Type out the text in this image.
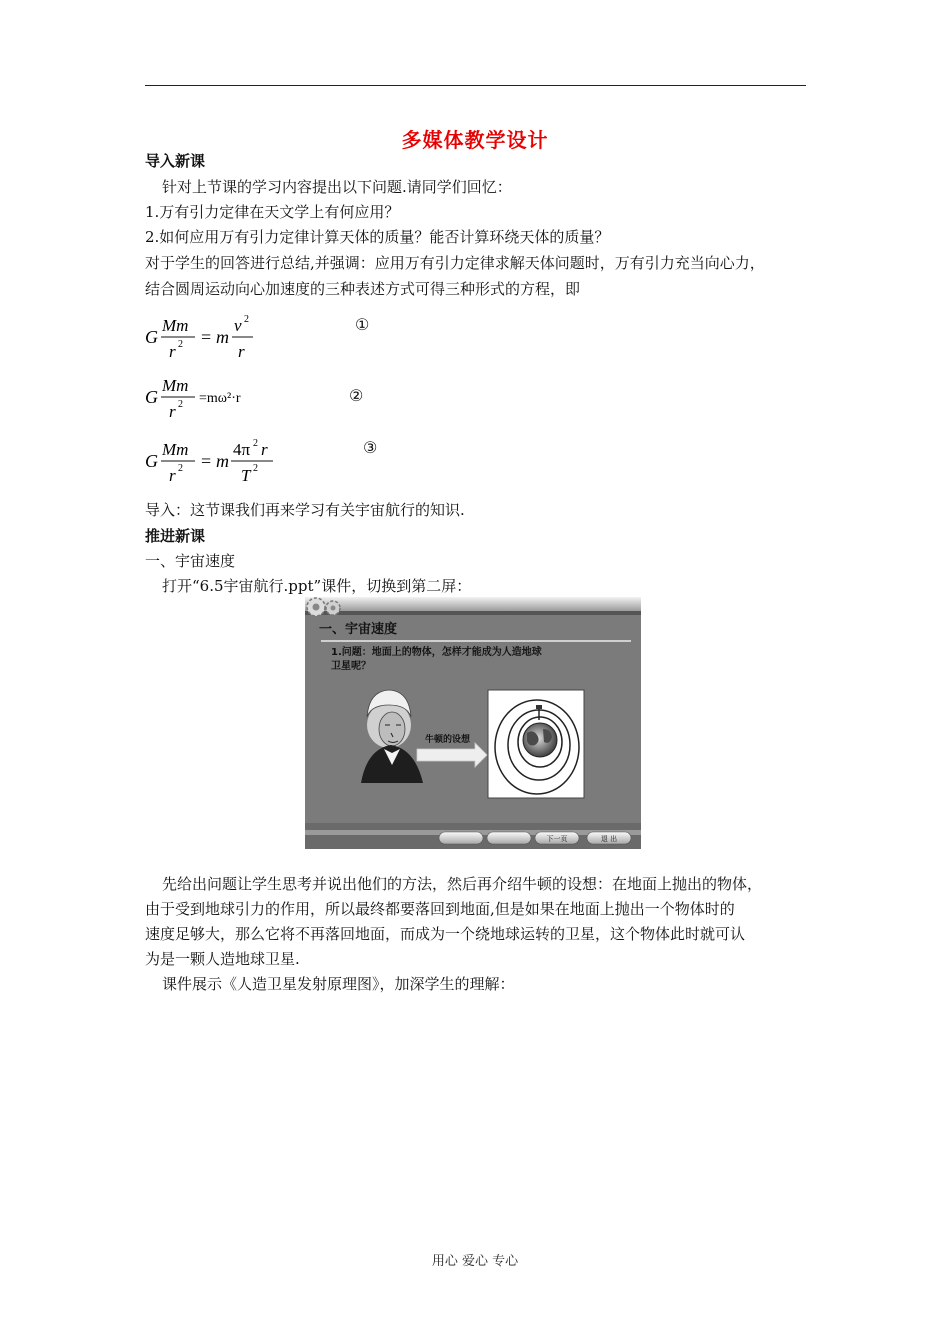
多媒体教学设计
导入新课
针对上节课的学习内容提出以下问题.请同学们回忆：
1.万有引力定律在天文学上有何应用？
2.如何应用万有引力定律计算天体的质量？能否计算环绕天体的质量？
对于学生的回答进行总结,并强调：应用万有引力定律求解天体问题时，万有引力充当向心力，
结合圆周运动向心加速度的三种表述方式可得三种形式的方程，即
G
Mm
r 2 = m
v 2
r
①
G
Mm
r 2 =mω²·r	②
G
Mm
r 2 = m
4π 2 r
T 2
③
导入：这节课我们再来学习有关宇宙航行的知识.
推进新课
一、宇宙速度
打开“6.5宇宙航行.ppt”课件，切换到第二屏：
一、宇宙速度
1.问题：地面上的物体，怎样才能成为人造地球
卫星呢？
牛顿的设想
下一页	退 出
先给出问题让学生思考并说出他们的方法，然后再介绍牛顿的设想：在地面上抛出的物体，
由于受到地球引力的作用，所以最终都要落回到地面,但是如果在地面上抛出一个物体时的
速度足够大，那么它将不再落回地面，而成为一个绕地球运转的卫星，这个物体此时就可认
为是一颗人造地球卫星.
课件展示《人造卫星发射原理图》，加深学生的理解：
用心 爱心 专心
